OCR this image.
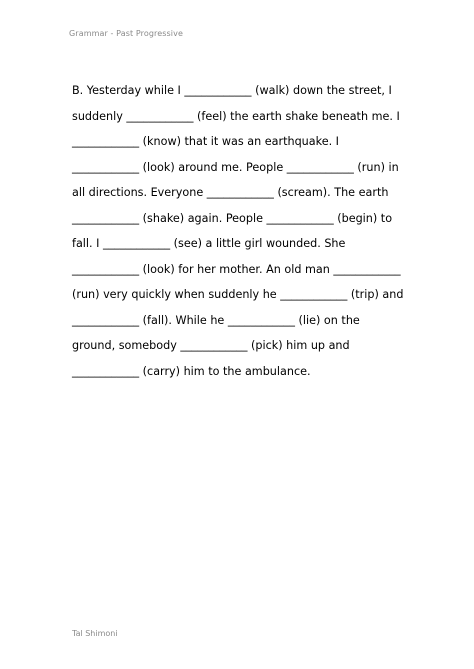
Grammar - Past Progressive
B. Yesterday while I ____________ (walk) down the street, I
suddenly ____________ (feel) the earth shake beneath me. I
____________ (know) that it was an earthquake. I
____________ (look) around me. People ____________ (run) in
all directions. Everyone ____________ (scream). The earth
____________ (shake) again. People ____________ (begin) to
fall. I ____________ (see) a little girl wounded. She
____________ (look) for her mother. An old man ____________
(run) very quickly when suddenly he ____________ (trip) and
____________ (fall). While he ____________ (lie) on the
ground, somebody ____________ (pick) him up and
____________ (carry) him to the ambulance.
Tal Shimoni
